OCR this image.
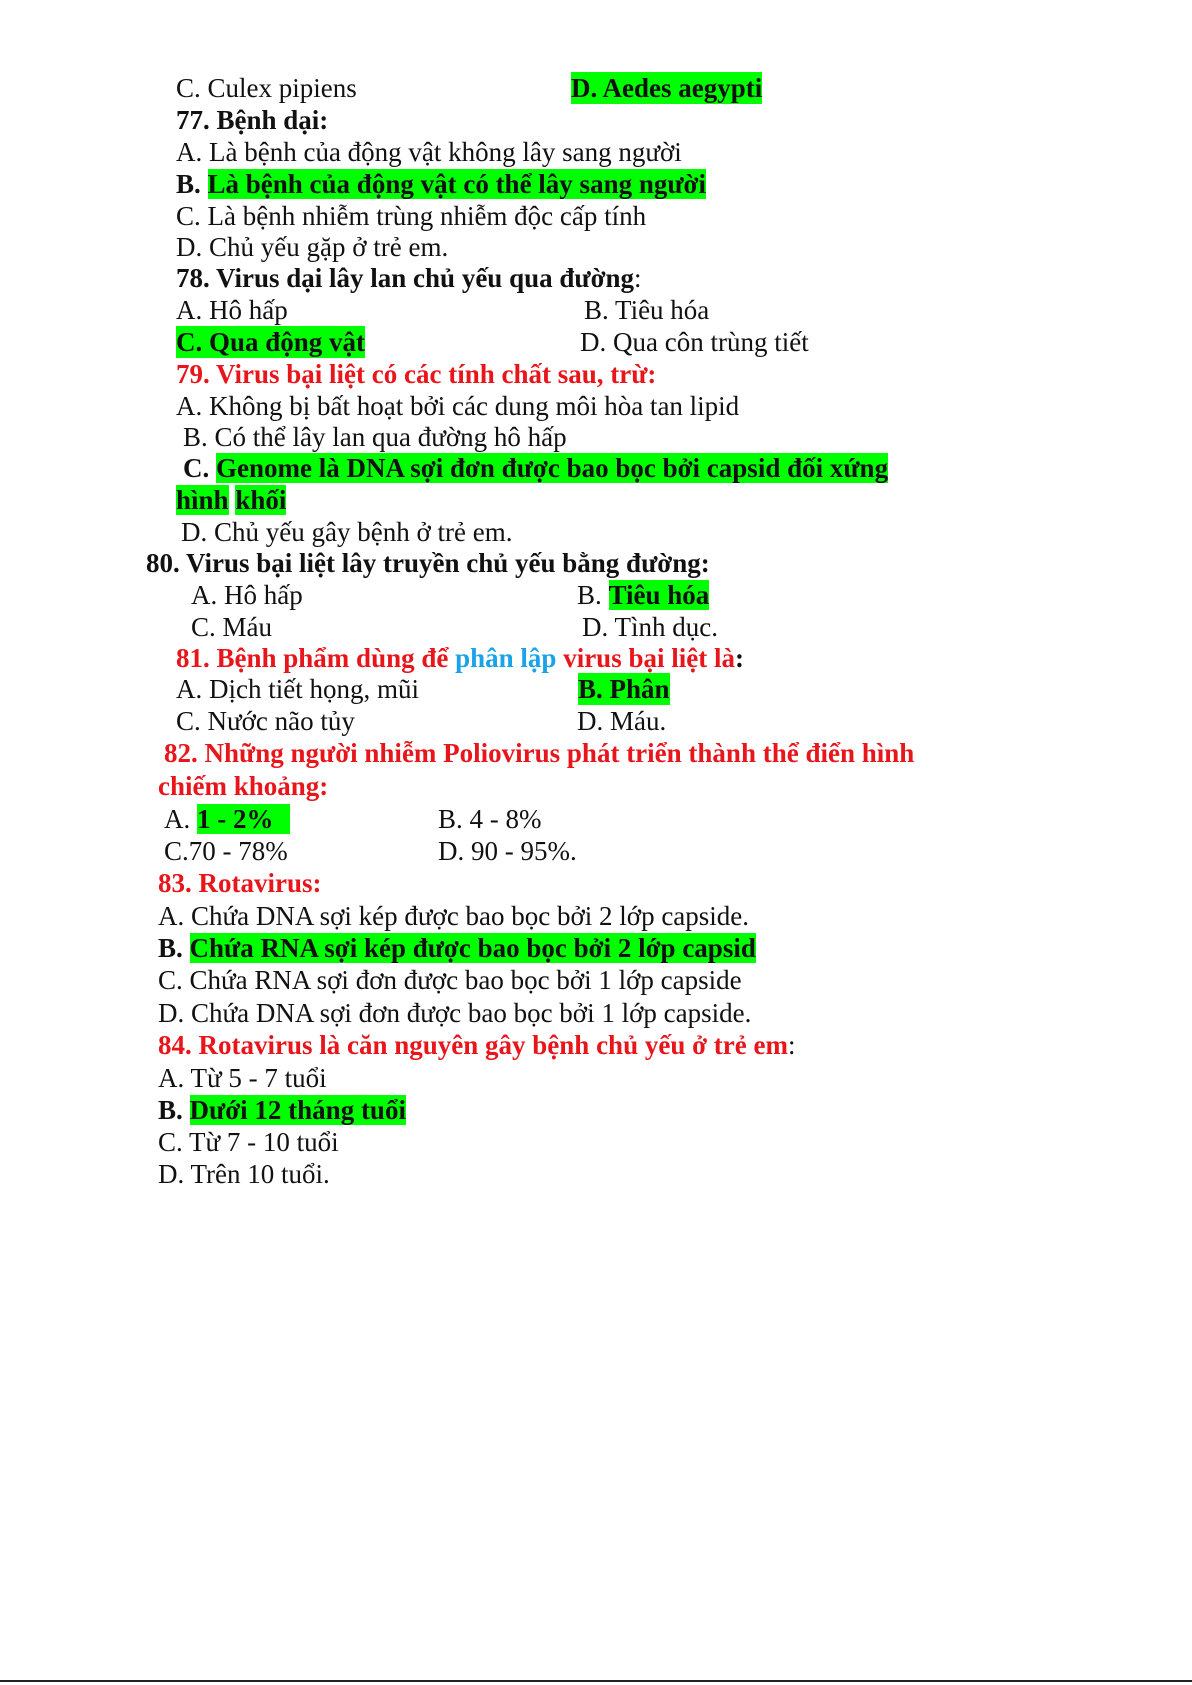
C. Culex pipiens	D. Aedes aegypti
77. Bệnh dại:
A. Là bệnh của động vật không lây sang người
B. Là bệnh của động vật có thể lây sang người
C. Là bệnh nhiễm trùng nhiễm độc cấp tính
D. Chủ yếu gặp ở trẻ em.
78. Virus dại lây lan chủ yếu qua đường:
A. Hô hấp	B. Tiêu hóa
C. Qua động vật	D. Qua côn trùng tiết
79. Virus bại liệt có các tính chất sau, trừ:
A. Không bị bất hoạt bởi các dung môi hòa tan lipid
B. Có thể lây lan qua đường hô hấp
C. Genome là DNA sợi đơn được bao bọc bởi capsid đối xứng
hình khối
D. Chủ yếu gây bệnh ở trẻ em.
80. Virus bại liệt lây truyền chủ yếu bằng đường:
A. Hô hấp	B. Tiêu hóa
C. Máu	D. Tình dục.
81. Bệnh phẩm dùng để phân lập virus bại liệt là:
A. Dịch tiết họng, mũi	B. Phân
C. Nước não tủy	D. Máu.
82. Những người nhiễm Poliovirus phát triển thành thể điển hình
chiếm khoảng:
A. 1 - 2%	B. 4 - 8%
C.70 - 78%	D. 90 - 95%.
83. Rotavirus:
A. Chứa DNA sợi kép được bao bọc bởi 2 lớp capside.
B. Chứa RNA sợi kép được bao bọc bởi 2 lớp capsid
C. Chứa RNA sợi đơn được bao bọc bởi 1 lớp capside
D. Chứa DNA sợi đơn được bao bọc bởi 1 lớp capside.
84. Rotavirus là căn nguyên gây bệnh chủ yếu ở trẻ em:
A. Từ 5 - 7 tuổi
B. Dưới 12 tháng tuổi
C. Từ 7 - 10 tuổi
D. Trên 10 tuổi.
